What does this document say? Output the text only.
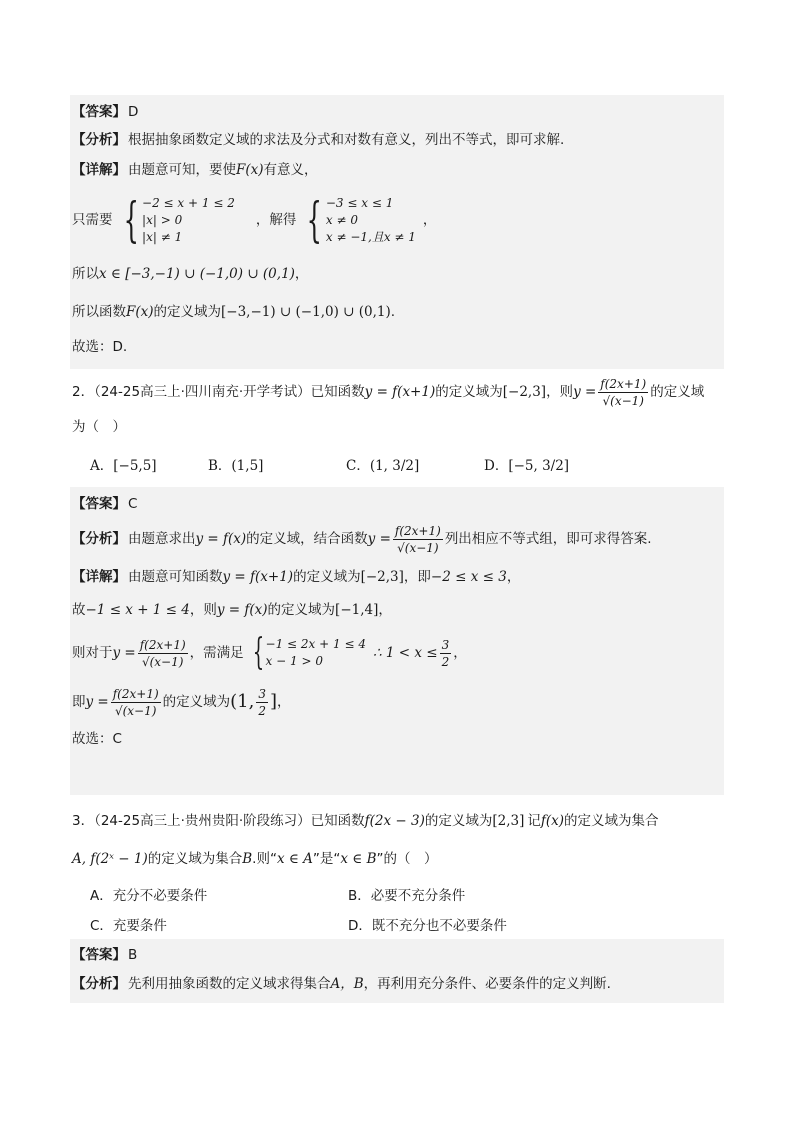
【答案】 D
【分析】 根据抽象函数定义域的求法及分式和对数有意义，列出不等式，即可求解.
【详解】 由题意可知，要使 F(x) 有意义，
只需要 { −2 ≤ x + 1 ≤ 2
|x| > 0
|x| ≠ 1
，解得 { −3 ≤ x ≤ 1
x ≠ 0
x ≠ −1,且x ≠ 1
，
所以 x ∈ [−3,−1) ∪ (−1,0) ∪ (0,1) ，
所以函数 F(x) 的定义域为 [−3,−1) ∪ (−1,0) ∪ (0,1) .
故选：D.
2．（24-25高三上·四川南充·开学考试）已知函数 y = f(x+1) 的定义域为 [−2,3] ，则 $y = \frac{f(2x+1)}{√(x-1)}$ 的定义域
为（　）
A．[−5,5]	B．(1,5]	C．(1, 3/2]	D．[−5, 3/2]
【答案】 C
【分析】 由题意求出 y = f(x) 的定义域，结合函数 $y = \frac{f(2x+1)}{√(x-1)}$ 列出相应不等式组，即可求得答案.
【详解】 由题意可知函数 y = f(x+1) 的定义域为 [−2,3] ，即 −2 ≤ x ≤ 3 ，
故 −1 ≤ x + 1 ≤ 4 ，则 y = f(x) 的定义域为 [−1,4] ，
则对于 $y = \frac{f(2x+1)}{√(x-1)}$ ，需满足 { −1 ≤ 2x + 1 ≤ 4
x − 1 > 0	∴ $1 < x \le \frac{3}{2}$ ，
即 $y = \frac{f(2x+1)}{√(x-1)}$ 的定义域为 (1, $\frac{3}{2}$ ] ，
故选：C
3．（24-25高三上·贵州贵阳·阶段练习）已知函数 f(2x − 3) 的定义域为 [2,3] 记 f(x) 的定义域为集合
A, f(2ˣ − 1) 的定义域为集合 B .则“ x ∈ A ”是“ x ∈ B ”的（　）
A．充分不必要条件	B．必要不充分条件
C．充要条件	D．既不充分也不必要条件
【答案】 B
【分析】 先利用抽象函数的定义域求得集合 A，B ，再利用充分条件、必要条件的定义判断.
